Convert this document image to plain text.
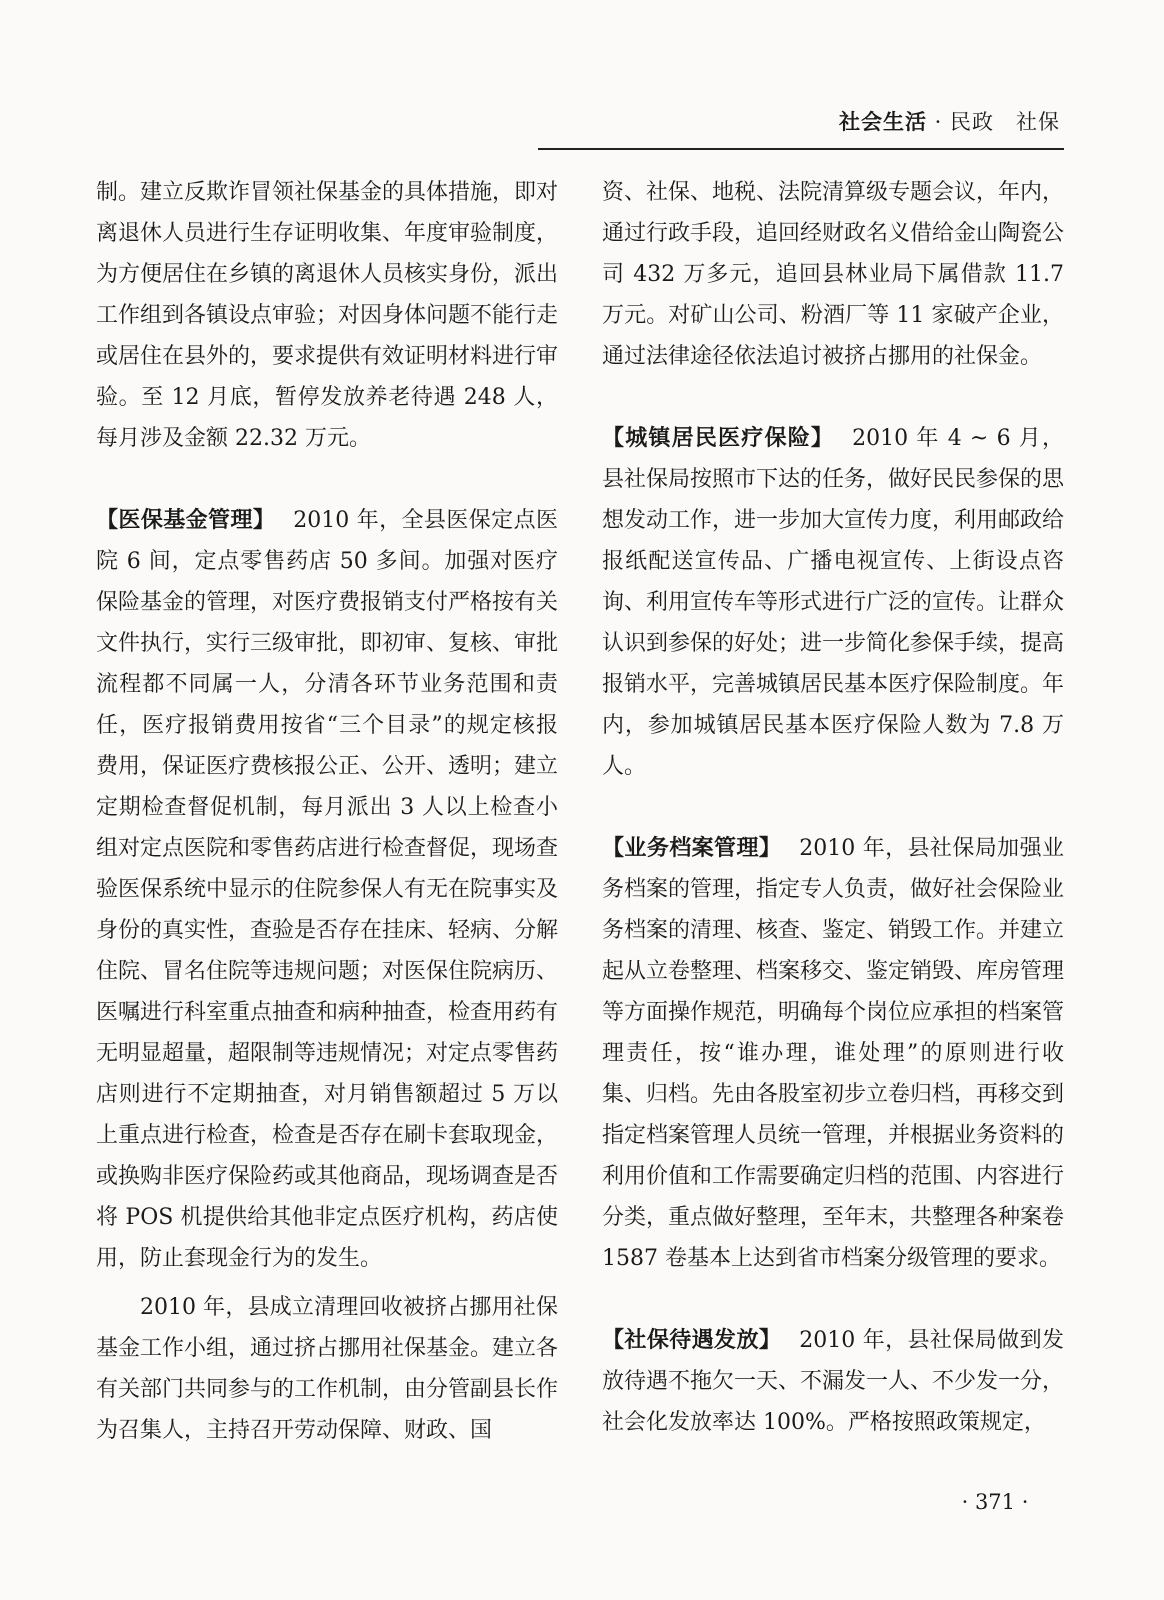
社会生活 · 民政　社保

制。建立反欺诈冒领社保基金的具体措施，即对离退休人员进行生存证明收集、年度审验制度，为方便居住在乡镇的离退休人员核实身份，派出工作组到各镇设点审验；对因身体问题不能行走或居住在县外的，要求提供有效证明材料进行审验。至 12 月底，暂停发放养老待遇 248 人，每月涉及金额 22.32 万元。

【医保基金管理】 2010 年，全县医保定点医院 6 间，定点零售药店 50 多间。加强对医疗保险基金的管理，对医疗费报销支付严格按有关文件执行，实行三级审批，即初审、复核、审批流程都不同属一人，分清各环节业务范围和责任，医疗报销费用按省“三个目录”的规定核报费用，保证医疗费核报公正、公开、透明；建立定期检查督促机制，每月派出 3 人以上检查小组对定点医院和零售药店进行检查督促，现场查验医保系统中显示的住院参保人有无在院事实及身份的真实性，查验是否存在挂床、轻病、分解住院、冒名住院等违规问题；对医保住院病历、医嘱进行科室重点抽查和病种抽查，检查用药有无明显超量，超限制等违规情况；对定点零售药店则进行不定期抽查，对月销售额超过 5 万以上重点进行检查，检查是否存在刷卡套取现金，或换购非医疗保险药或其他商品，现场调查是否将 POS 机提供给其他非定点医疗机构，药店使用，防止套现金行为的发生。

2010 年，县成立清理回收被挤占挪用社保基金工作小组，通过挤占挪用社保基金。建立各有关部门共同参与的工作机制，由分管副县长作为召集人，主持召开劳动保障、财政、国

资、社保、地税、法院清算级专题会议，年内，通过行政手段，追回经财政名义借给金山陶瓷公司 432 万多元，追回县林业局下属借款 11.7 万元。对矿山公司、粉酒厂等 11 家破产企业，通过法律途径依法追讨被挤占挪用的社保金。

【城镇居民医疗保险】 2010 年 4 ~ 6 月，县社保局按照市下达的任务，做好民民参保的思想发动工作，进一步加大宣传力度，利用邮政给报纸配送宣传品、广播电视宣传、上街设点咨询、利用宣传车等形式进行广泛的宣传。让群众认识到参保的好处；进一步简化参保手续，提高报销水平，完善城镇居民基本医疗保险制度。年内，参加城镇居民基本医疗保险人数为 7.8 万人。

【业务档案管理】 2010 年，县社保局加强业务档案的管理，指定专人负责，做好社会保险业务档案的清理、核查、鉴定、销毁工作。并建立起从立卷整理、档案移交、鉴定销毁、库房管理等方面操作规范，明确每个岗位应承担的档案管理责任，按“谁办理，谁处理”的原则进行收集、归档。先由各股室初步立卷归档，再移交到指定档案管理人员统一管理，并根据业务资料的利用价值和工作需要确定归档的范围、内容进行分类，重点做好整理，至年末，共整理各种案卷 1587 卷基本上达到省市档案分级管理的要求。

【社保待遇发放】 2010 年，县社保局做到发放待遇不拖欠一天、不漏发一人、不少发一分，社会化发放率达 100%。严格按照政策规定，

· 371 ·
